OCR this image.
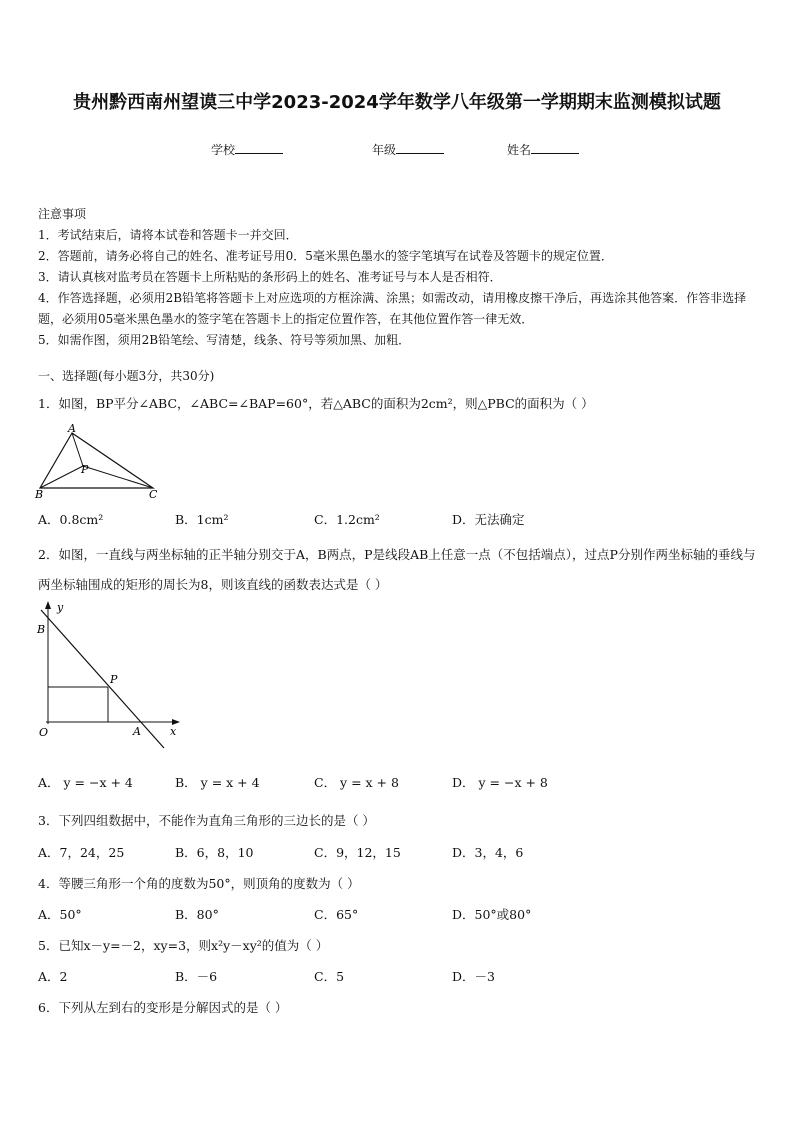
贵州黔西南州望谟三中学2023-2024学年数学八年级第一学期期末监测模拟试题
学校	年级	姓名
注意事项
1．考试结束后，请将本试卷和答题卡一并交回．
2．答题前，请务必将自己的姓名、准考证号用0．5毫米黑色墨水的签字笔填写在试卷及答题卡的规定位置．
3．请认真核对监考员在答题卡上所粘贴的条形码上的姓名、准考证号与本人是否相符．
4．作答选择题，必须用2B铅笔将答题卡上对应选项的方框涂满、涂黑；如需改动，请用橡皮擦干净后，再选涂其他答案．作答非选择题，必须用05毫米黑色墨水的签字笔在答题卡上的指定位置作答，在其他位置作答一律无效．
5．如需作图，须用2B铅笔绘、写清楚，线条、符号等须加黑、加粗．
一、选择题(每小题3分，共30分)
1．如图，BP平分∠ABC，∠ABC=∠BAP=60°，若△ABC的面积为2cm²，则△PBC的面积为（ ）
A
B	C
P
A．0.8cm²	B．1cm²	C．1.2cm²	D．无法确定
2．如图，一直线与两坐标轴的正半轴分别交于A，B两点，P是线段AB上任意一点（不包括端点），过点P分别作两坐标轴的垂线与两坐标轴围成的矩形的周长为8，则该直线的函数表达式是（ ）
y
x
B
P
O	A
A． y = −x + 4	B． y = x + 4	C． y = x + 8	D． y = −x + 8
3．下列四组数据中，不能作为直角三角形的三边长的是（ ）
A．7，24，25	B．6，8，10	C．9，12，15	D．3，4，6
4．等腰三角形一个角的度数为50°，则顶角的度数为（ ）
A．50°	B．80°	C．65°	D．50°或80°
5．已知x－y=－2，xy=3，则x²y－xy²的值为（ ）
A．2	B．－6	C．5	D．－3
6．下列从左到右的变形是分解因式的是（ ）
